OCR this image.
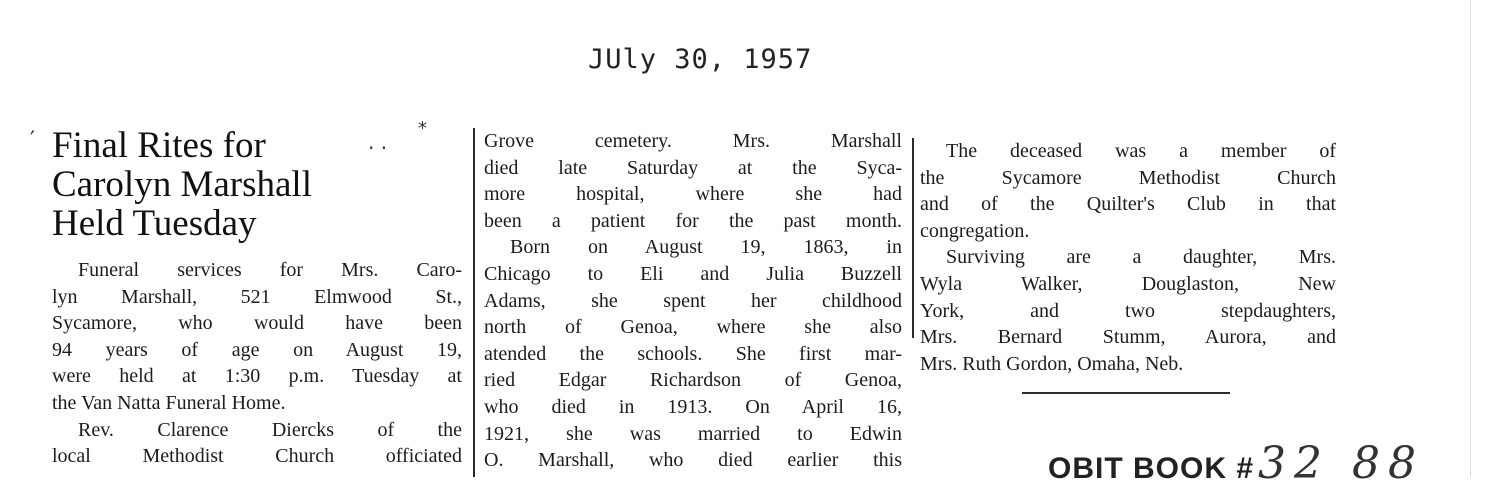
JUly 30, 1957
Final Rites for
Carolyn Marshall
Held Tuesday
′	. .
*
Funeral services for Mrs. Caro-
lyn Marshall, 521 Elmwood St.,
Sycamore, who would have been
94 years of age on August 19,
were held at 1:30 p.m. Tuesday at
the Van Natta Funeral Home.
Rev. Clarence Diercks of the
local Methodist Church officiated
Grove cemetery. Mrs. Marshall
died late Saturday at the Syca-
more hospital, where she had
been a patient for the past month.
Born on August 19, 1863, in
Chicago to Eli and Julia Buzzell
Adams, she spent her childhood
north of Genoa, where she also
atended the schools. She first mar-
ried Edgar Richardson of Genoa,
who died in 1913. On April 16,
1921, she was married to Edwin
O. Marshall, who died earlier this
The deceased was a member of
the Sycamore Methodist Church
and of the Quilter's Club in that
congregation.
Surviving are a daughter, Mrs.
Wyla Walker, Douglaston, New
York, and two stepdaughters,
Mrs. Bernard Stumm, Aurora, and
Mrs. Ruth Gordon, Omaha, Neb.
OBIT BOOK # 32 88
